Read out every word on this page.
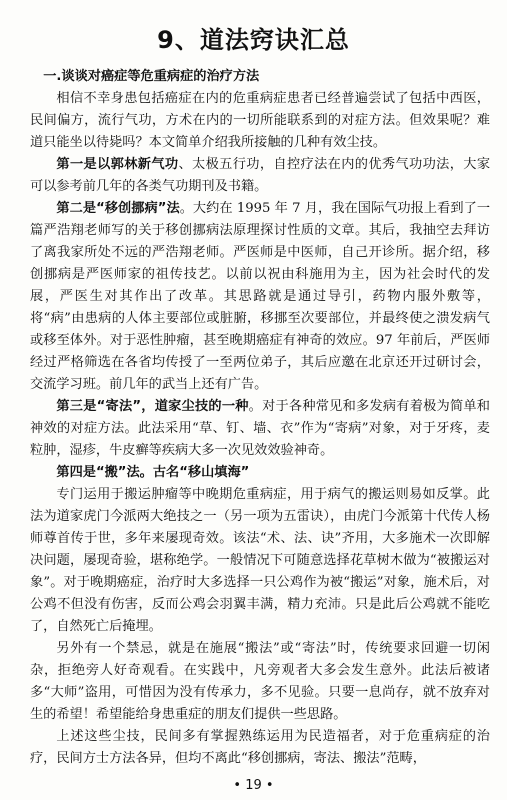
9、道法窍诀汇总

一.谈谈对癌症等危重病症的治疗方法

相信不幸身患包括癌症在内的危重病症患者已经普遍尝试了包括中西医，民间偏方，流行气功，方术在内的一切所能联系到的对症方法。但效果呢？难道只能坐以待毙吗？本文简单介绍我所接触的几种有效尘技。

第一是以郭林新气功、太极五行功，自控疗法在内的优秀气功功法，大家可以参考前几年的各类气功期刊及书籍。

第二是“移创挪病”法。大约在 1995 年 7 月，我在国际气功报上看到了一篇严浩翔老师写的关于移创挪病法原理探讨性质的文章。其后，我抽空去拜访了离我家所处不远的严浩翔老师。严医师是中医师，自己开诊所。据介绍，移创挪病是严医师家的祖传技艺。以前以祝由科施用为主，因为社会时代的发展，严医生对其作出了改革。其思路就是通过导引，药物内服外敷等，将“病”由患病的人体主要部位或脏腑，移挪至次要部位，并最终使之溃发病气或移至体外。对于恶性肿瘤，甚至晚期癌症有神奇的效应。97 年前后，严医师经过严格筛选在各省均传授了一至两位弟子，其后应邀在北京还开过研讨会，交流学习班。前几年的武当上还有广告。

第三是“寄法”，道家尘技的一种。对于各种常见和多发病有着极为简单和神效的对症方法。此法采用“草、钉、墙、衣”作为“寄病”对象，对于牙疼，麦粒肿，湿疹，牛皮癣等疾病大多一次见效效验神奇。

第四是“搬”法。古名“移山填海”

专门运用于搬运肿瘤等中晚期危重病症，用于病气的搬运则易如反掌。此法为道家虎门今派两大绝技之一（另一项为五雷诀），由虎门今派第十代传人杨师尊首传于世，多年来屡现奇效。该法“术、法、诀”齐用，大多施术一次即解决问题，屡现奇验，堪称绝学。一般情况下可随意选择花草树木做为“被搬运对象”。对于晚期癌症，治疗时大多选择一只公鸡作为被“搬运”对象，施术后，对公鸡不但没有伤害，反而公鸡会羽翼丰满，精力充沛。只是此后公鸡就不能吃了，自然死亡后掩埋。

另外有一个禁忌，就是在施展“搬法”或“寄法”时，传统要求回避一切闲杂，拒绝旁人好奇观看。在实践中，凡旁观者大多会发生意外。此法后被诸多“大师”盗用，可惜因为没有传承力，多不见验。只要一息尚存，就不放弃对生的希望！希望能给身患重症的朋友们提供一些思路。

上述这些尘技，民间多有掌握熟练运用为民造福者，对于危重病症的治疗，民间方士方法各异，但均不离此“移创挪病，寄法、搬法”范畴，

• 19 •
